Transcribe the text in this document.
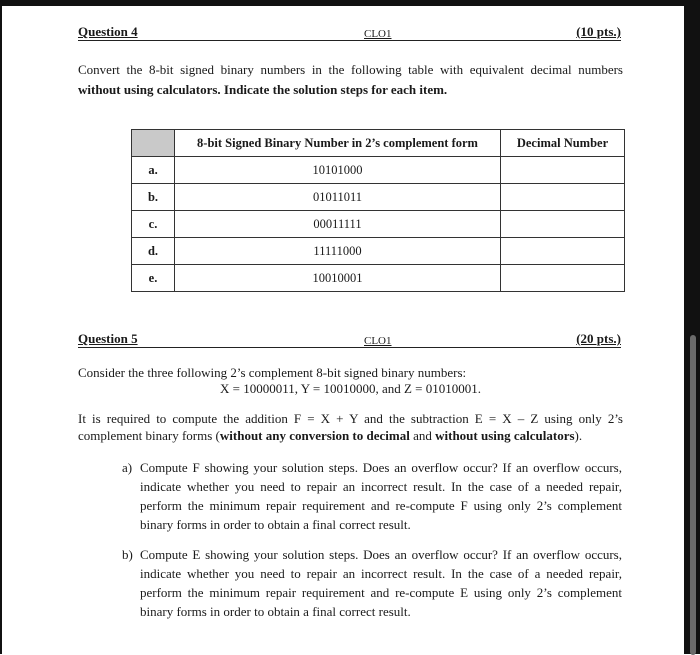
Question 4	CLO1	(10 pts.)
Convert the 8-bit signed binary numbers in the following table with equivalent decimal numbers without using calculators. Indicate the solution steps for each item.
	8-bit Signed Binary Number in 2’s complement form	Decimal Number
a.	10101000	
b.	01011011	
c.	00011111	
d.	11111000	
e.	10010001	
Question 5	CLO1	(20 pts.)
Consider the three following 2’s complement 8-bit signed binary numbers:
X = 10000011, Y = 10010000, and Z = 01010001.
It is required to compute the addition F = X + Y and the subtraction E = X – Z using only 2’s complement binary forms (without any conversion to decimal and without using calculators).
a) Compute F showing your solution steps. Does an overflow occur? If an overflow occurs, indicate whether you need to repair an incorrect result. In the case of a needed repair, perform the minimum repair requirement and re-compute F using only 2’s complement binary forms in order to obtain a final correct result.
b) Compute E showing your solution steps. Does an overflow occur? If an overflow occurs, indicate whether you need to repair an incorrect result. In the case of a needed repair, perform the minimum repair requirement and re-compute E using only 2’s complement binary forms in order to obtain a final correct result.
